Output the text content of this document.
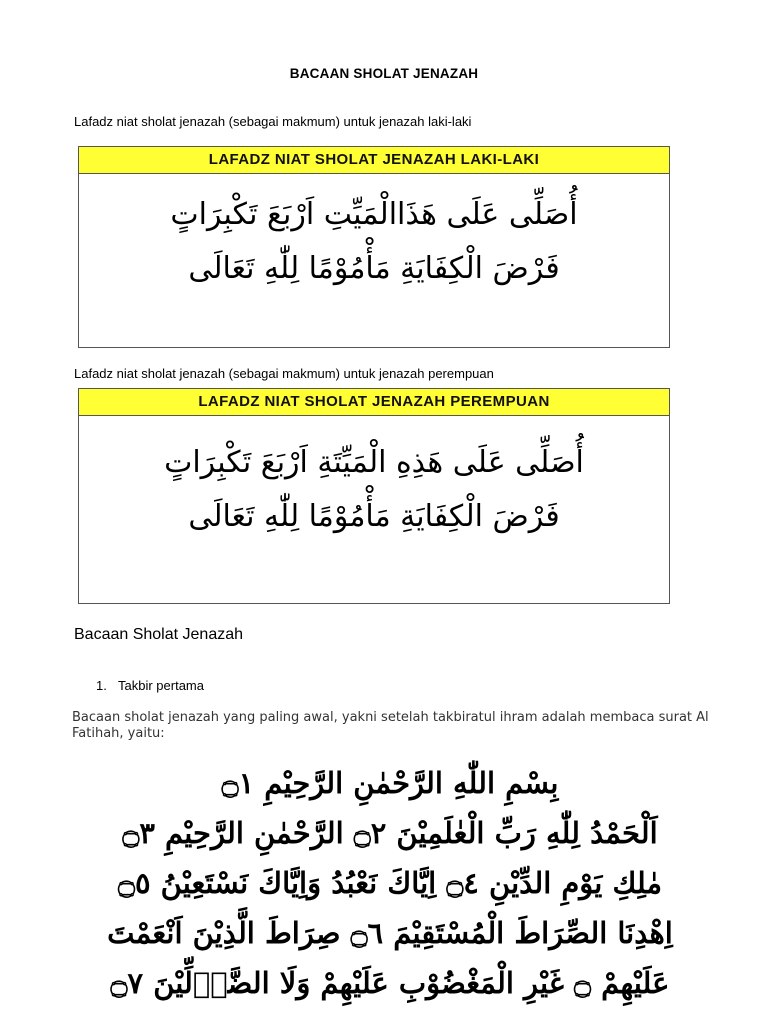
BACAAN SHOLAT JENAZAH
Lafadz niat sholat jenazah (sebagai makmum) untuk jenazah laki-laki
LAFADZ NIAT SHOLAT JENAZAH LAKI-LAKI
أُصَلِّى عَلَى هَذَاالْمَيِّتِ اَرْبَعَ تَكْبِرَاتٍ
فَرْضَ الْكِفَايَةِ مَأْمُوْمًا لِلّٰهِ تَعَالَى
Lafadz niat sholat jenazah (sebagai makmum) untuk jenazah perempuan
LAFADZ NIAT SHOLAT JENAZAH PEREMPUAN
أُصَلِّى عَلَى هَذِهِ الْمَيِّتَةِ اَرْبَعَ تَكْبِرَاتٍ
فَرْضَ الْكِفَايَةِ مَأْمُوْمًا لِلّٰهِ تَعَالَى
Bacaan Sholat Jenazah
1. Takbir pertama
Bacaan sholat jenazah yang paling awal, yakni setelah takbiratul ihram adalah membaca surat Al Fatihah, yaitu:
بِسْمِ اللّٰهِ الرَّحْمٰنِ الرَّحِيْمِ ۝١
اَلْحَمْدُ لِلّٰهِ رَبِّ الْعٰلَمِيْنَ ۝٢ الرَّحْمٰنِ الرَّحِيْمِ ۝٣
مٰلِكِ يَوْمِ الدِّيْنِ ۝٤ اِيَّاكَ نَعْبُدُ وَاِيَّاكَ نَسْتَعِيْنُ ۝٥
اِهْدِنَا الصِّرَاطَ الْمُسْتَقِيْمَ ۝٦ صِرَاطَ الَّذِيْنَ اَنْعَمْتَ
عَلَيْهِمْ ۝ غَيْرِ الْمَغْضُوْبِ عَلَيْهِمْ وَلَا الضَّاۤلِّيْنَ ۝٧
